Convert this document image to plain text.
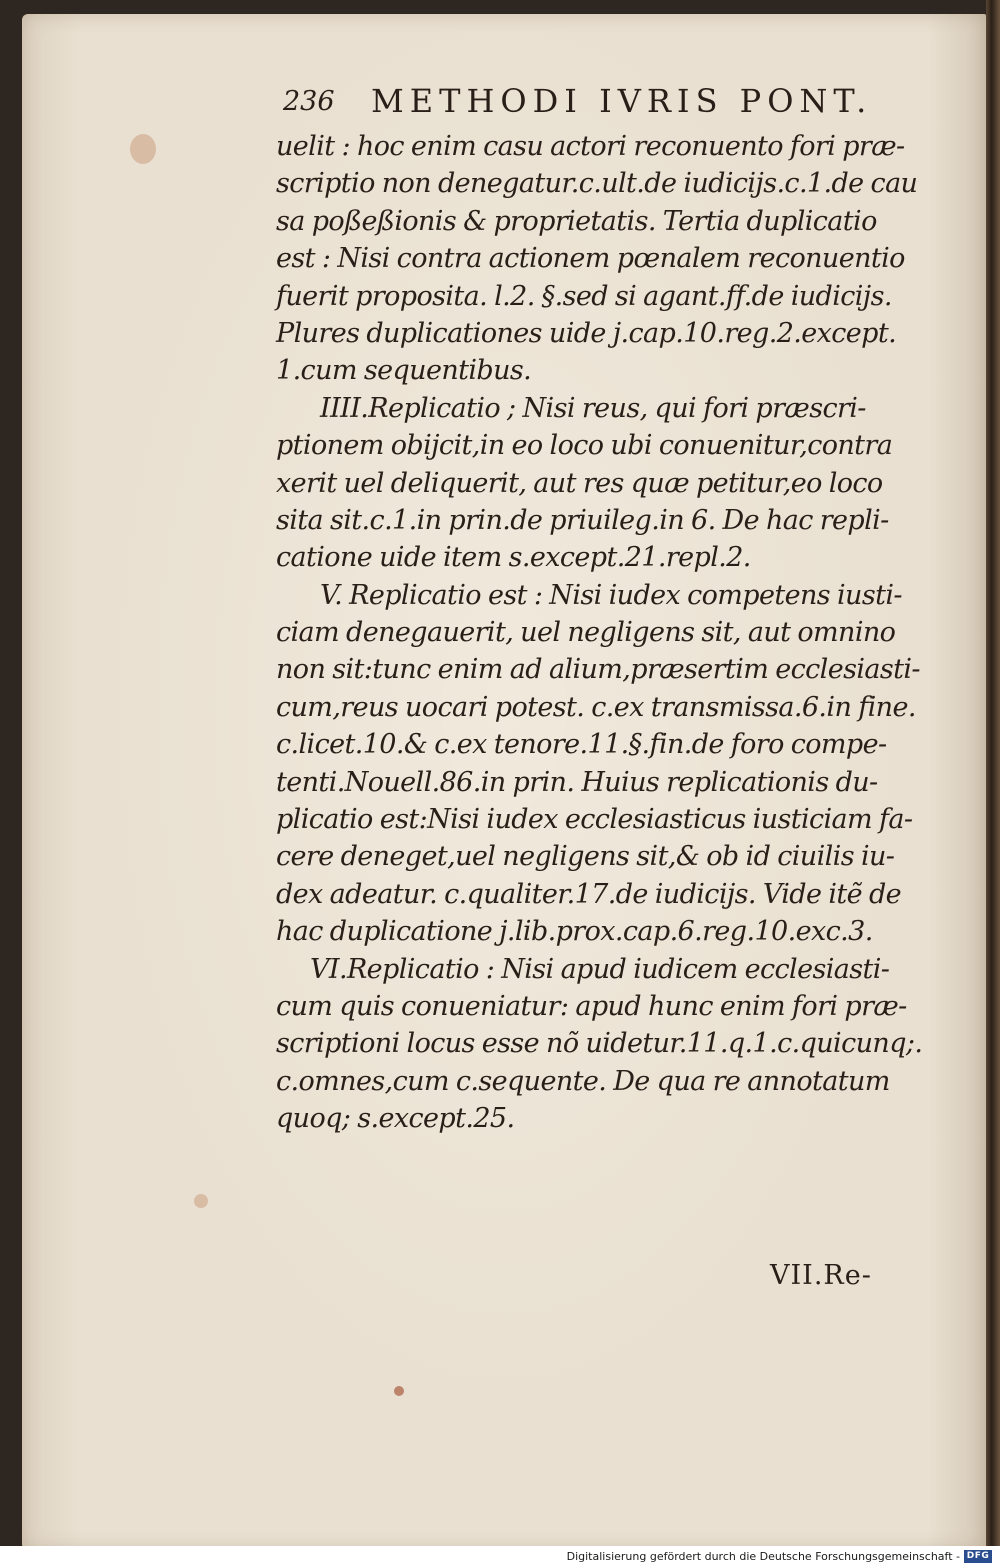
236 METHODI IVRIS PONT.
uelit : hoc enim casu actori reconuento fori præ-
scriptio non denegatur.c.ult.de iudicijs.c.1.de cau
sa poßeßionis & proprietatis. Tertia duplicatio
est : Nisi contra actionem pœnalem reconuentio
fuerit proposita. l.2. §.sed si agant.ff.de iudicijs.
Plures duplicationes uide j.cap.10.reg.2.except.
1.cum sequentibus.
IIII.Replicatio ; Nisi reus, qui fori præscri-
ptionem obijcit,in eo loco ubi conuenitur,contra
xerit uel deliquerit, aut res quæ petitur,eo loco
sita sit.c.1.in prin.de priuileg.in 6. De hac repli-
catione uide item s.except.21.repl.2.
V. Replicatio est : Nisi iudex competens iusti-
ciam denegauerit, uel negligens sit, aut omnino
non sit:tunc enim ad alium,præsertim ecclesiasti-
cum,reus uocari potest. c.ex transmissa.6.in fine.
c.licet.10.& c.ex tenore.11.§.fin.de foro compe-
tenti.Nouell.86.in prin. Huius replicationis du-
plicatio est:Nisi iudex ecclesiasticus iusticiam fa-
cere deneget,uel negligens sit,& ob id ciuilis iu-
dex adeatur. c.qualiter.17.de iudicijs. Vide itẽ de
hac duplicatione j.lib.prox.cap.6.reg.10.exc.3.
VI.Replicatio : Nisi apud iudicem ecclesiasti-
cum quis conueniatur: apud hunc enim fori præ-
scriptioni locus esse nõ uidetur.11.q.1.c.quicunq;.
c.omnes,cum c.sequente. De qua re annotatum
quoq; s.except.25.
VII.Re-
Digitalisierung gefördert durch die Deutsche Forschungsgemeinschaft - DFG
